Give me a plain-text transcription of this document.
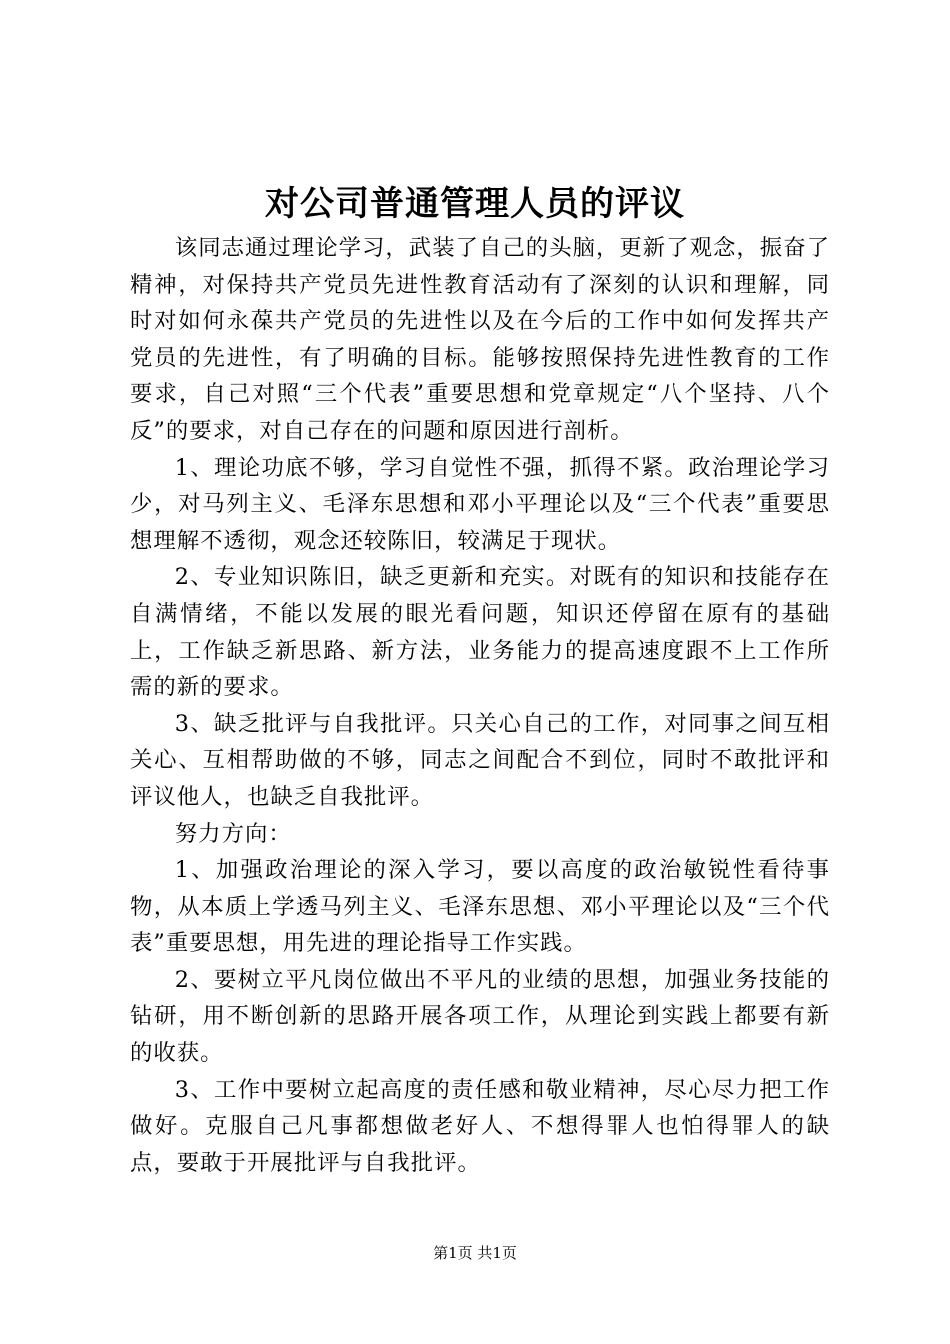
对公司普通管理人员的评议

该同志通过理论学习，武装了自己的头脑，更新了观念，振奋了精神，对保持共产党员先进性教育活动有了深刻的认识和理解，同时对如何永葆共产党员的先进性以及在今后的工作中如何发挥共产党员的先进性，有了明确的目标。能够按照保持先进性教育的工作要求，自己对照“三个代表”重要思想和党章规定“八个坚持、八个反”的要求，对自己存在的问题和原因进行剖析。

1、理论功底不够，学习自觉性不强，抓得不紧。政治理论学习少，对马列主义、毛泽东思想和邓小平理论以及“三个代表”重要思想理解不透彻，观念还较陈旧，较满足于现状。

2、专业知识陈旧，缺乏更新和充实。对既有的知识和技能存在自满情绪，不能以发展的眼光看问题，知识还停留在原有的基础上，工作缺乏新思路、新方法，业务能力的提高速度跟不上工作所需的新的要求。

3、缺乏批评与自我批评。只关心自己的工作，对同事之间互相关心、互相帮助做的不够，同志之间配合不到位，同时不敢批评和评议他人，也缺乏自我批评。

努力方向：

1、加强政治理论的深入学习，要以高度的政治敏锐性看待事物，从本质上学透马列主义、毛泽东思想、邓小平理论以及“三个代表”重要思想，用先进的理论指导工作实践。

2、要树立平凡岗位做出不平凡的业绩的思想，加强业务技能的钻研，用不断创新的思路开展各项工作，从理论到实践上都要有新的收获。

3、工作中要树立起高度的责任感和敬业精神，尽心尽力把工作做好。克服自己凡事都想做老好人、不想得罪人也怕得罪人的缺点，要敢于开展批评与自我批评。

第1页 共1页
